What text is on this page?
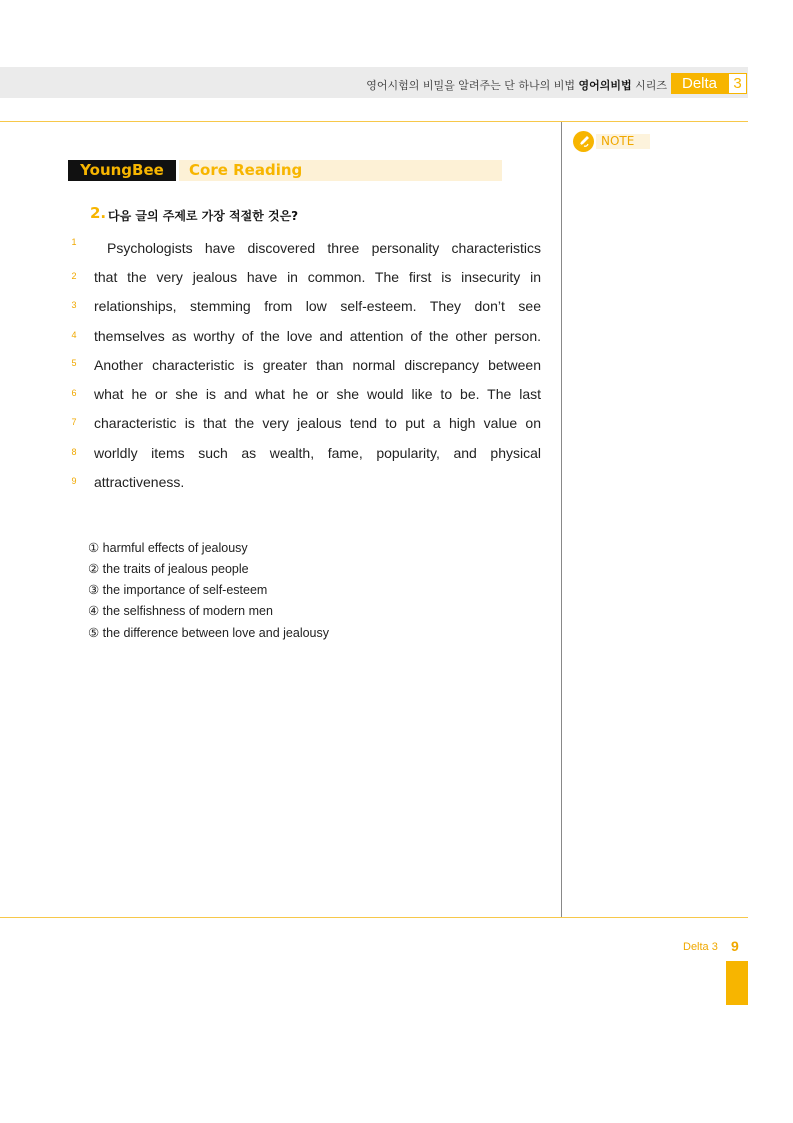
영어시험의 비밀을 알려주는 단 하나의 비법 영어의비법 시리즈 Delta	3
NOTE
YoungBee	Core Reading
2. 다음 글의 주제로 가장 적절한 것은?
1	Psychologists have discovered three personality characteristics
2	that the very jealous have in common. The first is insecurity in
3	relationships, stemming from low self-esteem. They don’t see
4	themselves as worthy of the love and attention of the other person.
5	Another characteristic is greater than normal discrepancy between
6	what he or she is and what he or she would like to be. The last
7	characteristic is that the very jealous tend to put a high value on
8	worldly items such as wealth, fame, popularity, and physical
9	attractiveness.
① harmful effects of jealousy
② the traits of jealous people
③ the importance of self-esteem
④ the selfishness of modern men
⑤ the difference between love and jealousy
Delta 3 9
